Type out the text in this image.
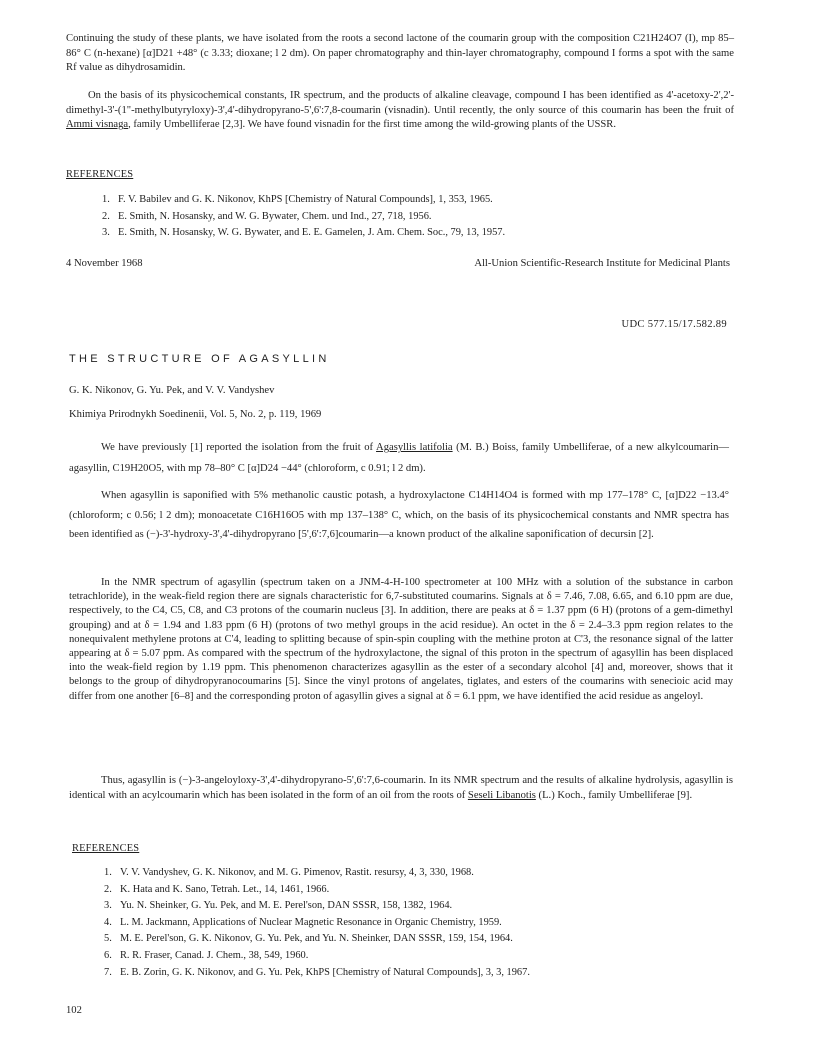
Continuing the study of these plants, we have isolated from the roots a second lactone of the coumarin group with the composition C21H24O7 (I), mp 85–86° C (n-hexane) [α]D21 +48° (c 3.33; dioxane; l 2 dm). On paper chromatography and thin-layer chromatography, compound I forms a spot with the same Rf value as dihydrosamidin.

On the basis of its physicochemical constants, IR spectrum, and the products of alkaline cleavage, compound I has been identified as 4'-acetoxy-2',2'-dimethyl-3'-(1"-methylbutyryloxy)-3',4'-dihydropyrano-5',6':7,8-coumarin (visnadin). Until recently, the only source of this coumarin has been the fruit of Ammi visnaga, family Umbelliferae [2,3]. We have found visnadin for the first time among the wild-growing plants of the USSR.

REFERENCES
1. F. V. Babilev and G. K. Nikonov, KhPS [Chemistry of Natural Compounds], 1, 353, 1965.
2. E. Smith, N. Hosansky, and W. G. Bywater, Chem. und Ind., 27, 718, 1956.
3. E. Smith, N. Hosansky, W. G. Bywater, and E. E. Gamelen, J. Am. Chem. Soc., 79, 13, 1957.
4 November 1968	All-Union Scientific-Research Institute for Medicinal Plants
UDC 577.15/17.582.89
THE STRUCTURE OF AGASYLLIN
G. K. Nikonov, G. Yu. Pek, and V. V. Vandyshev
Khimiya Prirodnykh Soedinenii, Vol. 5, No. 2, p. 119, 1969

We have previously [1] reported the isolation from the fruit of Agasyllis latifolia (M. B.) Boiss, family Umbelliferae, of a new alkylcoumarin—agasyllin, C19H20O5, with mp 78–80° C [α]D24 −44° (chloroform, c 0.91; l 2 dm).

When agasyllin is saponified with 5% methanolic caustic potash, a hydroxylactone C14H14O4 is formed with mp 177–178° C, [α]D22 −13.4° (chloroform; c 0.56; l 2 dm); monoacetate C16H16O5 with mp 137–138° C, which, on the basis of its physicochemical constants and NMR spectra has been identified as (−)-3'-hydroxy-3',4'-dihydropyrano [5',6':7,6]coumarin—a known product of the alkaline saponification of decursin [2].

In the NMR spectrum of agasyllin (spectrum taken on a JNM-4-H-100 spectrometer at 100 MHz with a solution of the substance in carbon tetrachloride), in the weak-field region there are signals characteristic for 6,7-substituted coumarins. Signals at δ = 7.46, 7.08, 6.65, and 6.10 ppm are due, respectively, to the C4, C5, C8, and C3 protons of the coumarin nucleus [3]. In addition, there are peaks at δ = 1.37 ppm (6 H) (protons of a gem-dimethyl grouping) and at δ = 1.94 and 1.83 ppm (6 H) (protons of two methyl groups in the acid residue). An octet in the δ = 2.4–3.3 ppm region relates to the nonequivalent methylene protons at C'4, leading to splitting because of spin-spin coupling with the methine proton at C'3, the resonance signal of the latter appearing at δ = 5.07 ppm. As compared with the spectrum of the hydroxylactone, the signal of this proton in the spectrum of agasyllin has been displaced into the weak-field region by 1.19 ppm. This phenomenon characterizes agasyllin as the ester of a secondary alcohol [4] and, moreover, shows that it belongs to the group of dihydropyranocoumarins [5]. Since the vinyl protons of angelates, tiglates, and esters of the coumarins with senecioic acid may differ from one another [6–8] and the corresponding proton of agasyllin gives a signal at δ = 6.1 ppm, we have identified the acid residue as angeloyl.

Thus, agasyllin is (−)-3-angeloyloxy-3',4'-dihydropyrano-5',6':7,6-coumarin. In its NMR spectrum and the results of alkaline hydrolysis, agasyllin is identical with an acylcoumarin which has been isolated in the form of an oil from the roots of Seseli Libanotis (L.) Koch., family Umbelliferae [9].

REFERENCES
1. V. V. Vandyshev, G. K. Nikonov, and M. G. Pimenov, Rastit. resursy, 4, 3, 330, 1968.
2. K. Hata and K. Sano, Tetrah. Let., 14, 1461, 1966.
3. Yu. N. Sheinker, G. Yu. Pek, and M. E. Perel'son, DAN SSSR, 158, 1382, 1964.
4. L. M. Jackmann, Applications of Nuclear Magnetic Resonance in Organic Chemistry, 1959.
5. M. E. Perel'son, G. K. Nikonov, G. Yu. Pek, and Yu. N. Sheinker, DAN SSSR, 159, 154, 1964.
6. R. R. Fraser, Canad. J. Chem., 38, 549, 1960.
7. E. B. Zorin, G. K. Nikonov, and G. Yu. Pek, KhPS [Chemistry of Natural Compounds], 3, 3, 1967.
102
